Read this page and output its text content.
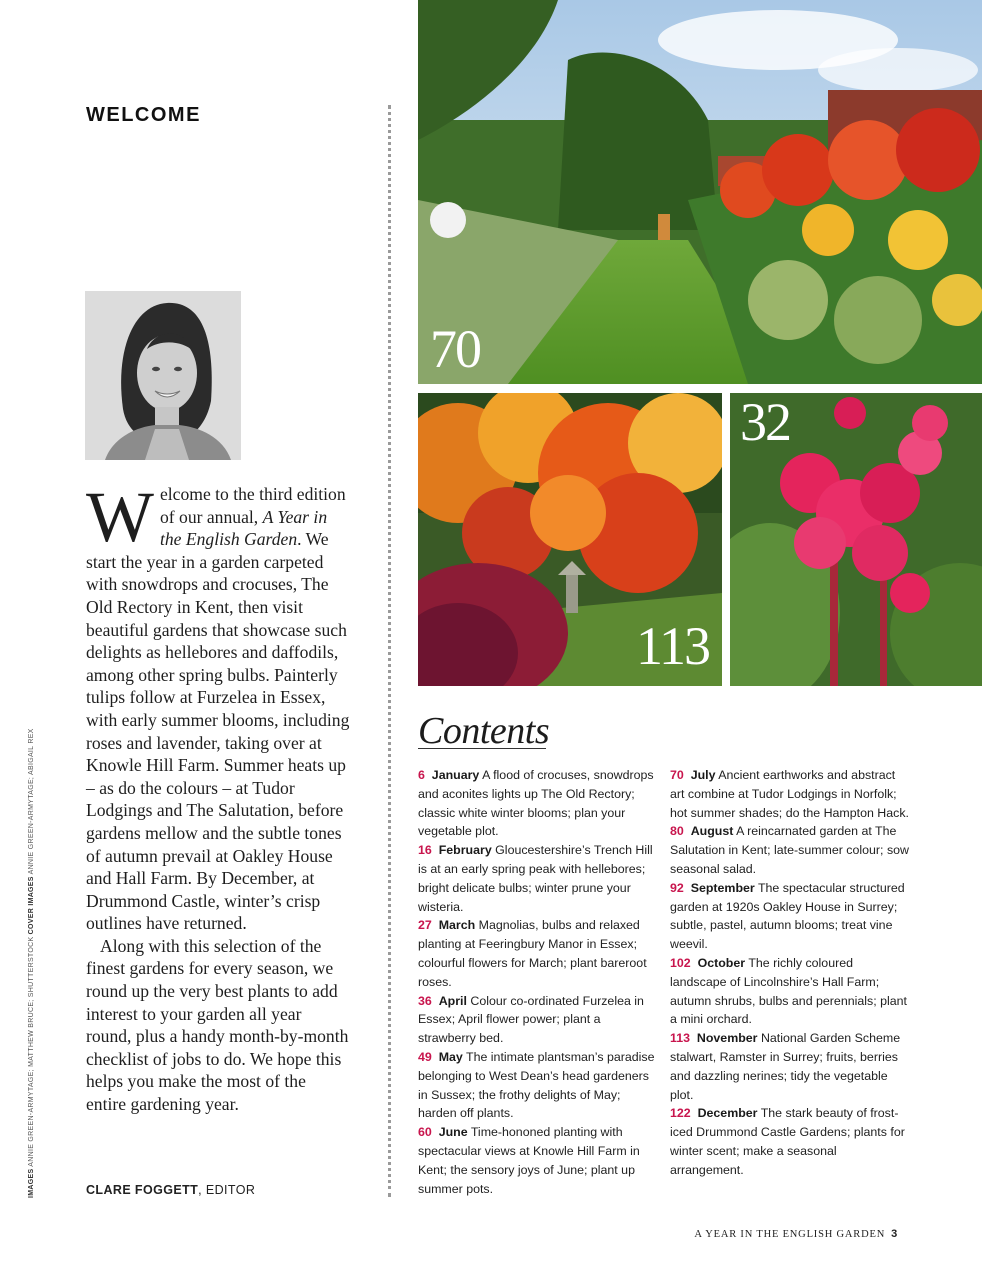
WELCOME

Welcome to the third edition of our annual, A Year in the English Garden. We start the year in a garden carpeted with snowdrops and crocuses, The Old Rectory in Kent, then visit beautiful gardens that showcase such delights as hellebores and daffodils, among other spring bulbs. Painterly tulips follow at Furzelea in Essex, with early summer blooms, including roses and lavender, taking over at Knowle Hill Farm. Summer heats up – as do the colours – at Tudor Lodgings and The Salutation, before gardens mellow and the subtle tones of autumn prevail at Oakley House and Hall Farm. By December, at Drummond Castle, winter’s crisp outlines have returned.

Along with this selection of the finest gardens for every season, we round up the very best plants to add interest to your garden all year round, plus a handy month-by-month checklist of jobs to do. We hope this helps you make the most of the entire gardening year.

CLARE FOGGETT, EDITOR
IMAGES ANNIE GREEN-ARMYTAGE; MATTHEW BRUCE; SHUTTERSTOCK COVER IMAGES ANNIE GREEN-ARMYTAGE; ABIGAIL REX
70
113
32
Contents

6 January A flood of crocuses, snowdrops and aconites lights up The Old Rectory; classic white winter blooms; plan your vegetable plot.

16 February Gloucestershire’s Trench Hill is at an early spring peak with hellebores; bright delicate bulbs; winter prune your wisteria.

27 March Magnolias, bulbs and relaxed planting at Feeringbury Manor in Essex; colourful flowers for March; plant bareroot roses.

36 April Colour co-ordinated Furzelea in Essex; April flower power; plant a strawberry bed.

49 May The intimate plantsman’s paradise belonging to West Dean’s head gardeners in Sussex; the frothy delights of May; harden off plants.

60 June Time-hononed planting with spectacular views at Knowle Hill Farm in Kent; the sensory joys of June; plant up summer pots.

70 July Ancient earthworks and abstract art combine at Tudor Lodgings in Norfolk; hot summer shades; do the Hampton Hack.

80 August A reincarnated garden at The Salutation in Kent; late-summer colour; sow seasonal salad.

92 September The spectacular structured garden at 1920s Oakley House in Surrey; subtle, pastel, autumn blooms; treat vine weevil.

102 October The richly coloured landscape of Lincolnshire’s Hall Farm; autumn shrubs, bulbs and perennials; plant a mini orchard.

113 November National Garden Scheme stalwart, Ramster in Surrey; fruits, berries and dazzling nerines; tidy the vegetable plot.

122 December The stark beauty of frost-iced Drummond Castle Gardens; plants for winter scent; make a seasonal arrangement.

A YEAR IN THE ENGLISH GARDEN 3
